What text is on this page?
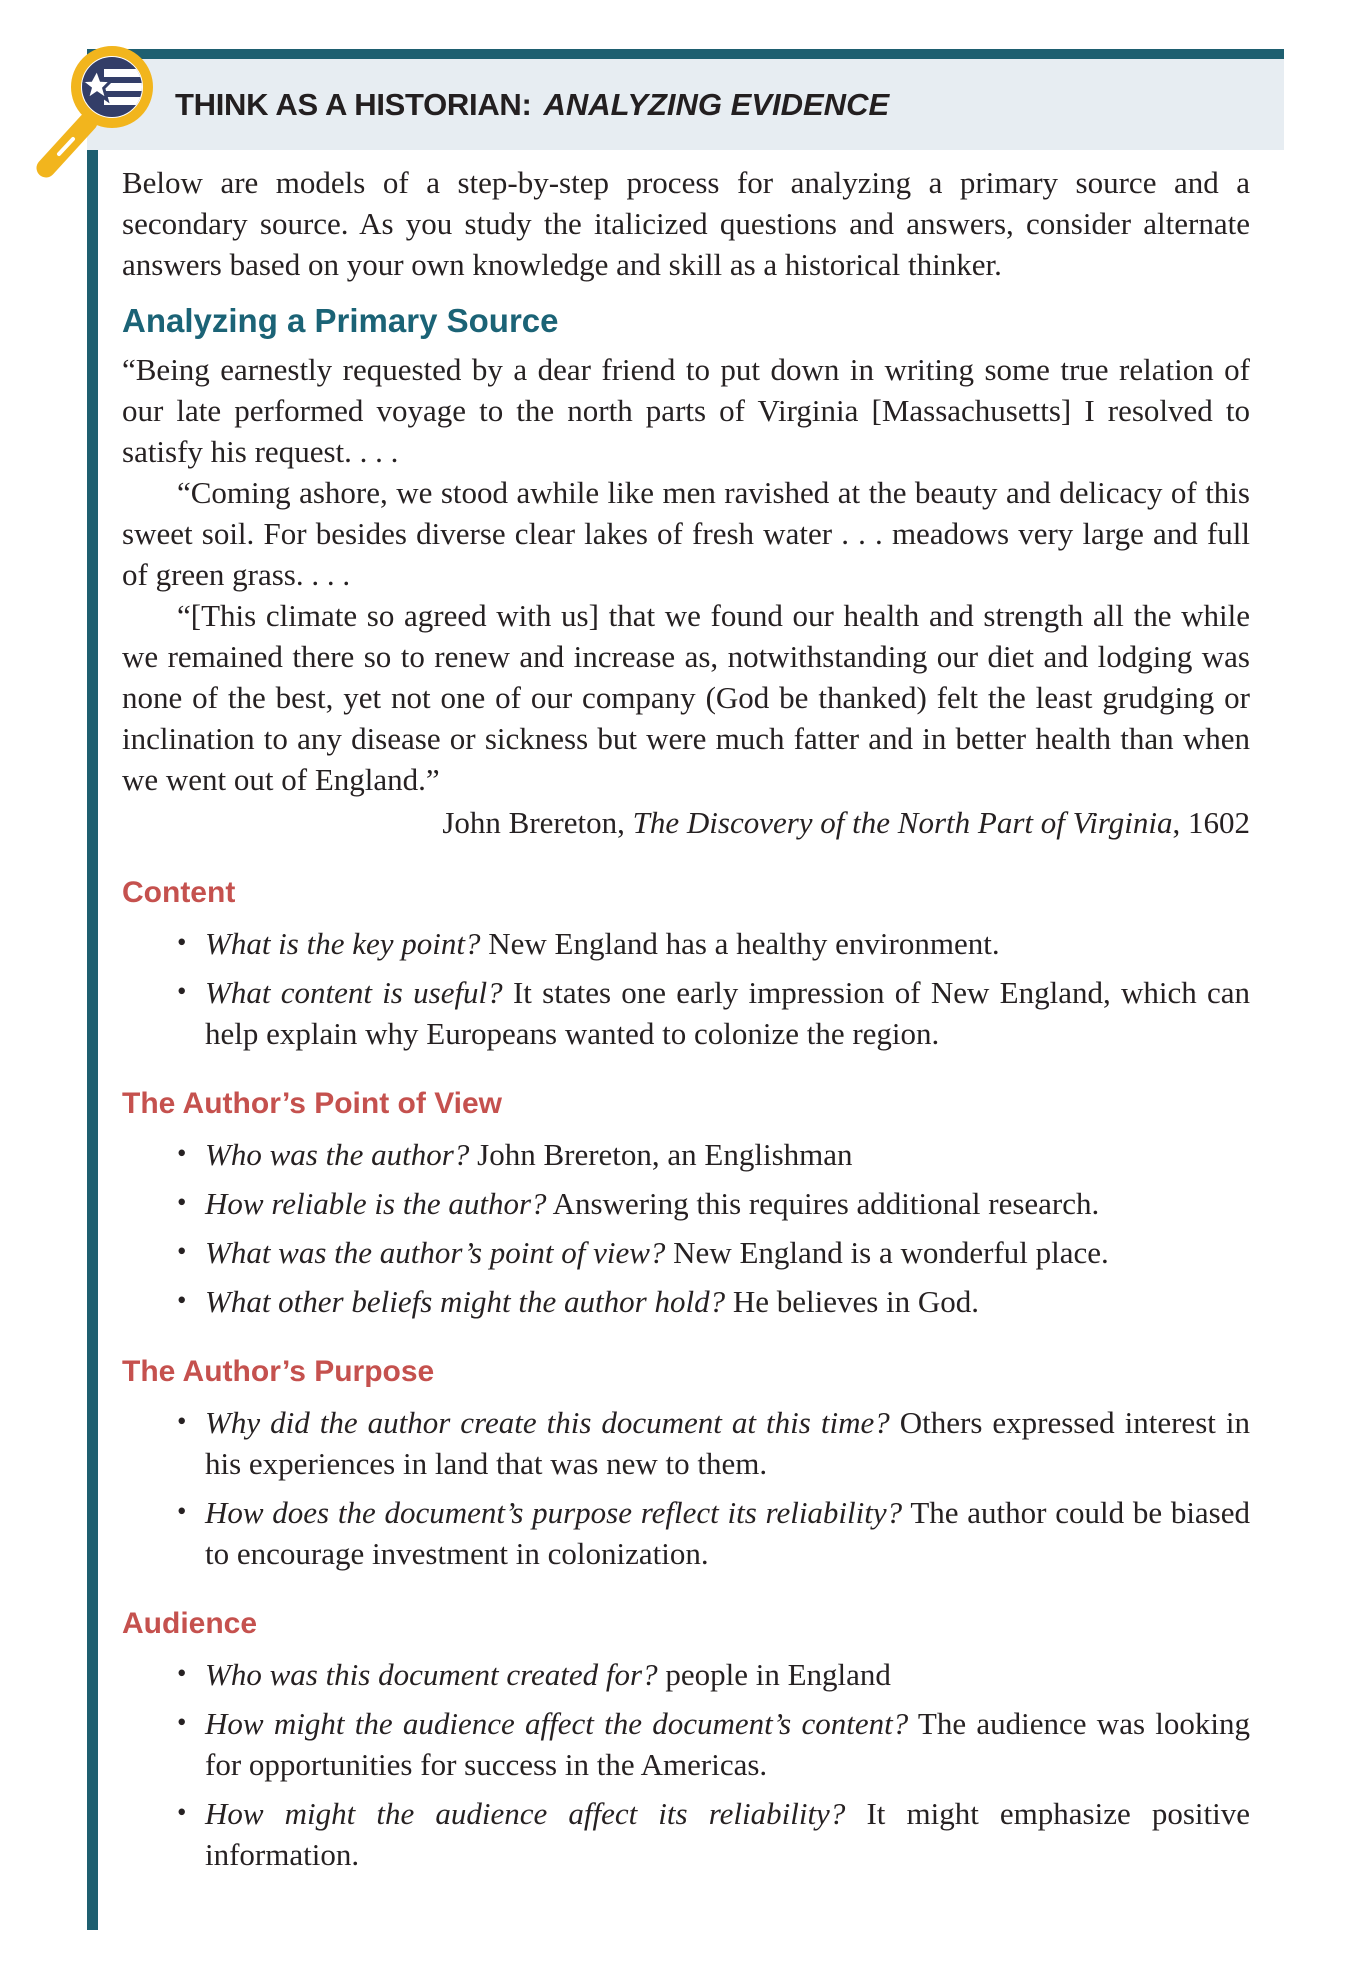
THINK AS A HISTORIAN: ANALYZING EVIDENCE

Below are models of a step-by-step process for analyzing a primary source and a secondary source. As you study the italicized questions and answers, consider alternate answers based on your own knowledge and skill as a historical thinker.

Analyzing a Primary Source

“Being earnestly requested by a dear friend to put down in writing some true relation of our late performed voyage to the north parts of Virginia [Massachusetts] I resolved to satisfy his request. . . .

“Coming ashore, we stood awhile like men ravished at the beauty and delicacy of this sweet soil. For besides diverse clear lakes of fresh water . . . meadows very large and full of green grass. . . .

“[This climate so agreed with us] that we found our health and strength all the while we remained there so to renew and increase as, notwithstanding our diet and lodging was none of the best, yet not one of our company (God be thanked) felt the least grudging or inclination to any disease or sickness but were much fatter and in better health than when we went out of England.”

John Brereton, The Discovery of the North Part of Virginia, 1602

Content
• What is the key point? New England has a healthy environment.
• What content is useful? It states one early impression of New England, which can help explain why Europeans wanted to colonize the region.
The Author’s Point of View
• Who was the author? John Brereton, an Englishman
• How reliable is the author? Answering this requires additional research.
• What was the author’s point of view? New England is a wonderful place.
• What other beliefs might the author hold? He believes in God.
The Author’s Purpose
• Why did the author create this document at this time? Others expressed interest in his experiences in land that was new to them.
• How does the document’s purpose reflect its reliability? The author could be biased to encourage investment in colonization.
Audience
• Who was this document created for? people in England
• How might the audience affect the document’s content? The audience was looking for opportunities for success in the Americas.
• How might the audience affect its reliability? It might emphasize positive information.
